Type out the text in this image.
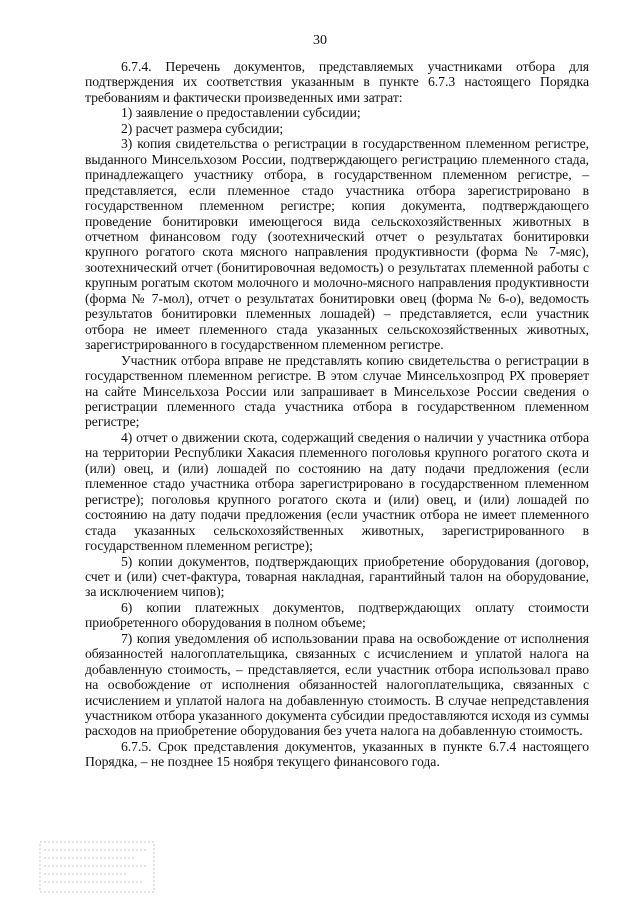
30

6.7.4. Перечень документов, представляемых участниками отбора для подтверждения их соответствия указанным в пункте 6.7.3 настоящего Порядка требованиям и фактически произведенных ими затрат:

1) заявление о предоставлении субсидии;

2) расчет размера субсидии;

3) копия свидетельства о регистрации в государственном племенном регистре, выданного Минсельхозом России, подтверждающего регистрацию племенного стада, принадлежащего участнику отбора, в государственном племенном регистре, – представляется, если племенное стадо участника отбора зарегистрировано в государственном племенном регистре; копия документа, подтверждающего проведение бонитировки имеющегося вида сельскохозяйственных животных в отчетном финансовом году (зоотехнический отчет о результатах бонитировки крупного рогатого скота мясного направления продуктивности (форма № 7-мяс), зоотехнический отчет (бонитировочная ведомость) о результатах племенной работы с крупным рогатым скотом молочного и молочно-мясного направления продуктивности (форма № 7-мол), отчет о результатах бонитировки овец (форма № 6-о), ведомость результатов бонитировки племенных лошадей) – представляется, если участник отбора не имеет племенного стада указанных сельскохозяйственных животных, зарегистрированного в государственном племенном регистре.

Участник отбора вправе не представлять копию свидетельства о регистрации в государственном племенном регистре. В этом случае Минсельхозпрод РХ проверяет на сайте Минсельхоза России или запрашивает в Минсельхозе России сведения о регистрации племенного стада участника отбора в государственном племенном регистре;

4) отчет о движении скота, содержащий сведения о наличии у участника отбора на территории Республики Хакасия племенного поголовья крупного рогатого скота и (или) овец, и (или) лошадей по состоянию на дату подачи предложения (если племенное стадо участника отбора зарегистрировано в государственном племенном регистре); поголовья крупного рогатого скота и (или) овец, и (или) лошадей по состоянию на дату подачи предложения (если участник отбора не имеет племенного стада указанных сельскохозяйственных животных, зарегистрированного в государственном племенном регистре);

5) копии документов, подтверждающих приобретение оборудования (договор, счет и (или) счет-фактура, товарная накладная, гарантийный талон на оборудование, за исключением чипов);

6) копии платежных документов, подтверждающих оплату стоимости приобретенного оборудования в полном объеме;

7) копия уведомления об использовании права на освобождение от исполнения обязанностей налогоплательщика, связанных с исчислением и уплатой налога на добавленную стоимость, – представляется, если участник отбора использовал право на освобождение от исполнения обязанностей налогоплательщика, связанных с исчислением и уплатой налога на добавленную стоимость. В случае непредставления участником отбора указанного документа субсидии предоставляются исходя из суммы расходов на приобретение оборудования без учета налога на добавленную стоимость.

6.7.5. Срок представления документов, указанных в пункте 6.7.4 настоящего Порядка, – не позднее 15 ноября текущего финансового года.
